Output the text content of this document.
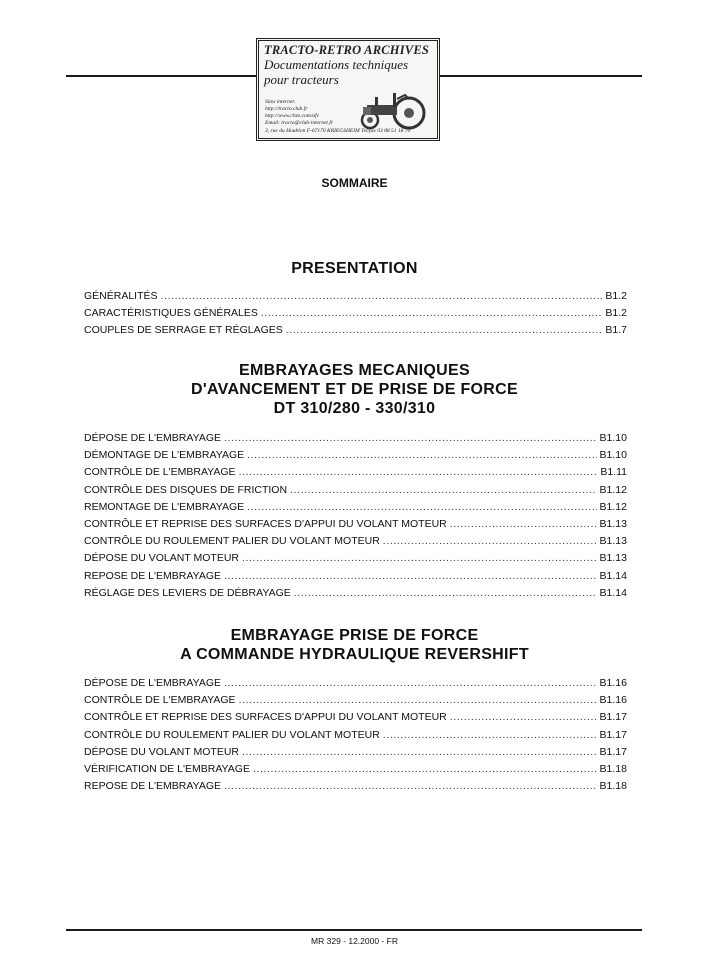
TRACTO-RETRO ARCHIVES
Documentations techniques
pour tracteurs
Sites internet:
http://tracto.club.fr
http://www.chez.com/afv
Email: tracto@club-internet.fr
3, rue du Houblon F-67170 KRIEGSHEIM Tel/fax 03 88 51 18 70
SOMMAIRE
PRESENTATION
GÉNÉRALITÉS .....	B1.2
CARACTÉRISTIQUES GÉNÉRALES .....	B1.2
COUPLES DE SERRAGE ET RÉGLAGES .....	B1.7
EMBRAYAGES MECANIQUES
D'AVANCEMENT ET DE PRISE DE FORCE
DT 310/280 - 330/310
DÉPOSE DE L'EMBRAYAGE .....	B1.10
DÉMONTAGE DE L'EMBRAYAGE .....	B1.10
CONTRÔLE DE L'EMBRAYAGE .....	B1.11
CONTRÔLE DES DISQUES DE FRICTION .....	B1.12
REMONTAGE DE L'EMBRAYAGE .....	B1.12
CONTRÔLE ET REPRISE DES SURFACES D'APPUI DU VOLANT MOTEUR .....	B1.13
CONTRÔLE DU ROULEMENT PALIER DU VOLANT MOTEUR .....	B1.13
DÉPOSE DU VOLANT MOTEUR .....	B1.13
REPOSE DE L'EMBRAYAGE .....	B1.14
RÉGLAGE DES LEVIERS DE DÉBRAYAGE .....	B1.14
EMBRAYAGE PRISE DE FORCE
A COMMANDE HYDRAULIQUE REVERSHIFT
DÉPOSE DE L'EMBRAYAGE .....	B1.16
CONTRÔLE DE L'EMBRAYAGE .....	B1.16
CONTRÔLE ET REPRISE DES SURFACES D'APPUI DU VOLANT MOTEUR .....	B1.17
CONTRÔLE DU ROULEMENT PALIER DU VOLANT MOTEUR .....	B1.17
DÉPOSE DU VOLANT MOTEUR .....	B1.17
VÉRIFICATION DE L'EMBRAYAGE .....	B1.18
REPOSE DE L'EMBRAYAGE .....	B1.18
MR 329 - 12.2000 - FR
